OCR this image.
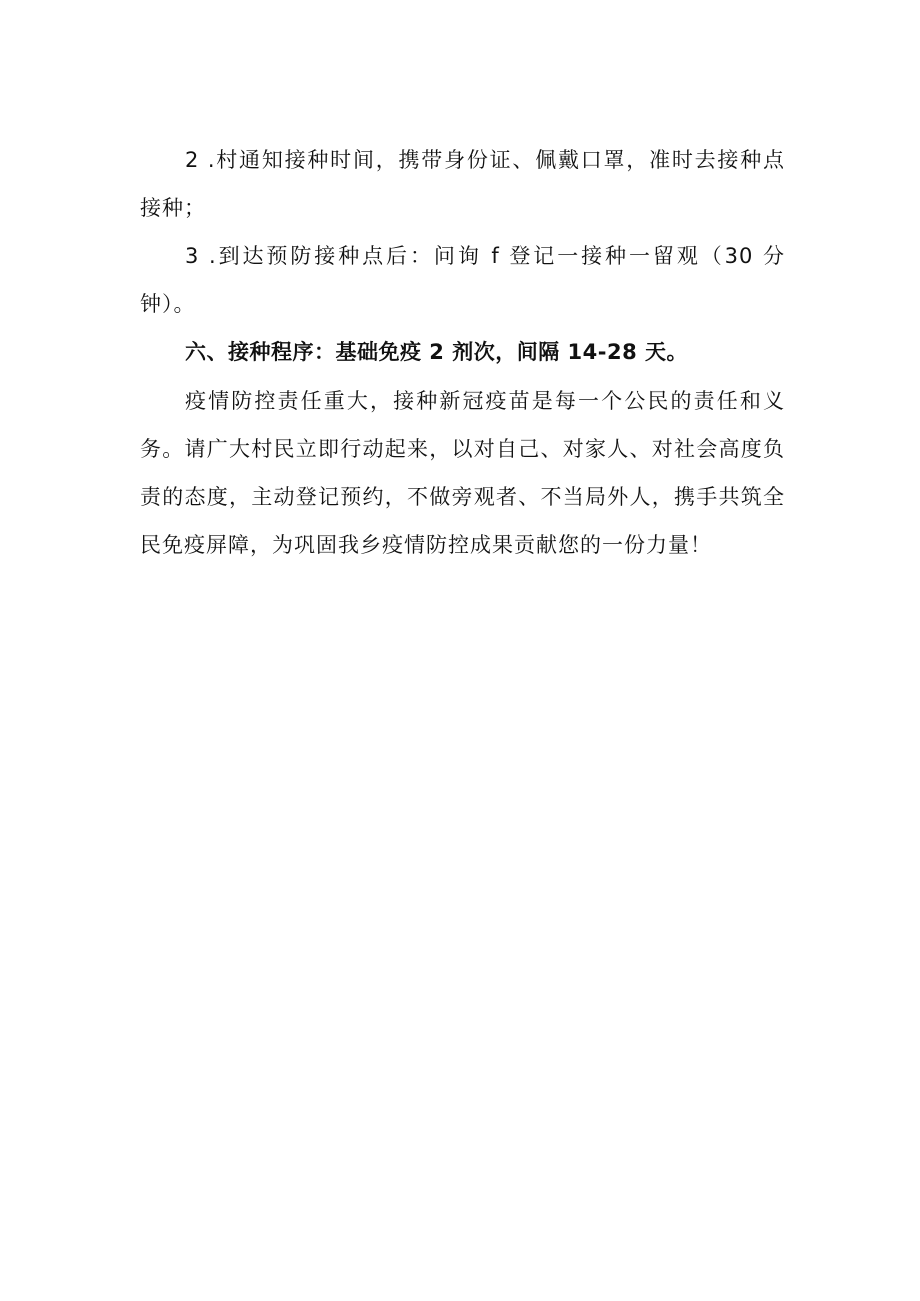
2 .村通知接种时间，携带身份证、佩戴口罩，准时去接种点接种；

3 .到达预防接种点后：问询 f 登记一接种一留观（30 分钟）。

六、接种程序：基础免疫 2 剂次，间隔 14-28 天。

疫情防控责任重大，接种新冠疫苗是每一个公民的责任和义务。请广大村民立即行动起来，以对自己、对家人、对社会高度负责的态度，主动登记预约，不做旁观者、不当局外人，携手共筑全民免疫屏障，为巩固我乡疫情防控成果贡献您的一份力量！
